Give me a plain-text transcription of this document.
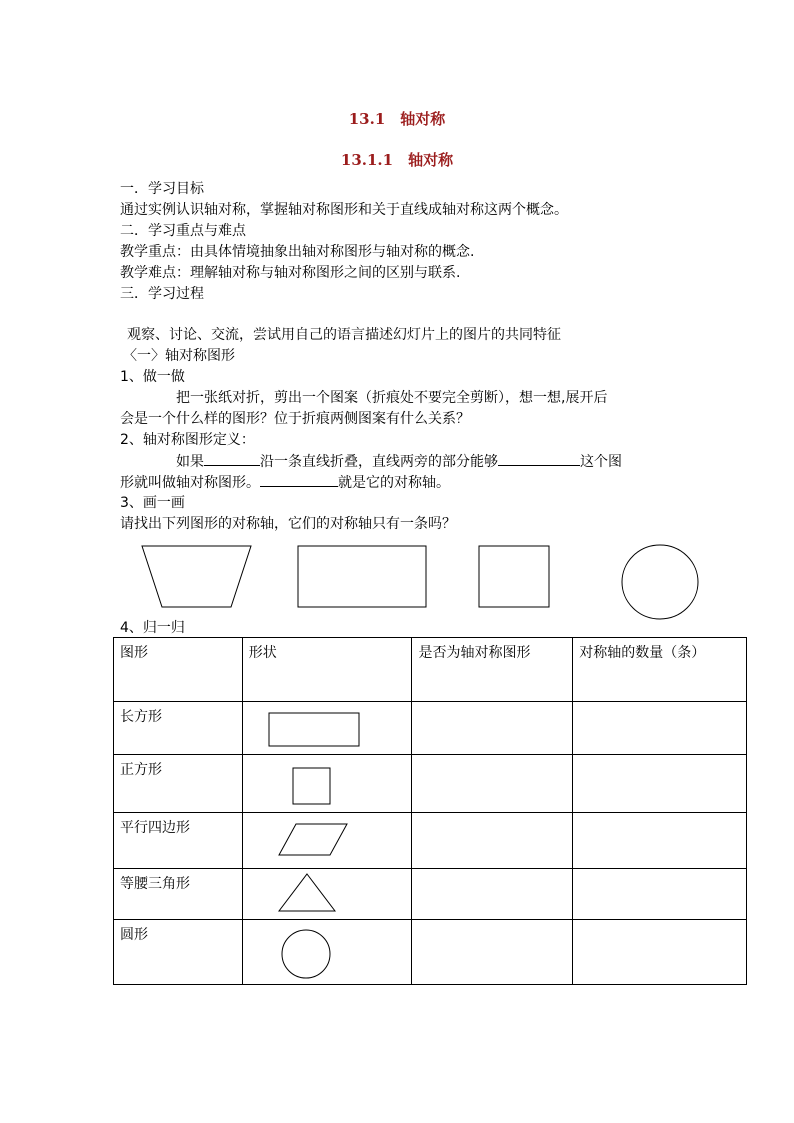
13.1　轴对称
13.1.1　轴对称
一．学习目标
通过实例认识轴对称，掌握轴对称图形和关于直线成轴对称这两个概念。
二．学习重点与难点
教学重点：由具体情境抽象出轴对称图形与轴对称的概念.
教学难点：理解轴对称与轴对称图形之间的区别与联系.
三．学习过程
观察、讨论、交流，尝试用自己的语言描述幻灯片上的图片的共同特征
〈一〉轴对称图形
1、做一做
把一张纸对折，剪出一个图案（折痕处不要完全剪断），想一想,展开后
会是一个什么样的图形？位于折痕两侧图案有什么关系？
2、轴对称图形定义：
如果	沿一条直线折叠，直线两旁的部分能够	这个图
形就叫做轴对称图形。	就是它的对称轴。
3、画一画
请找出下列图形的对称轴，它们的对称轴只有一条吗？
4、归一归
图形	形状	是否为轴对称图形	对称轴的数量（条）
长方形	

正方形	

平行四边形	

等腰三角形	

圆形	
